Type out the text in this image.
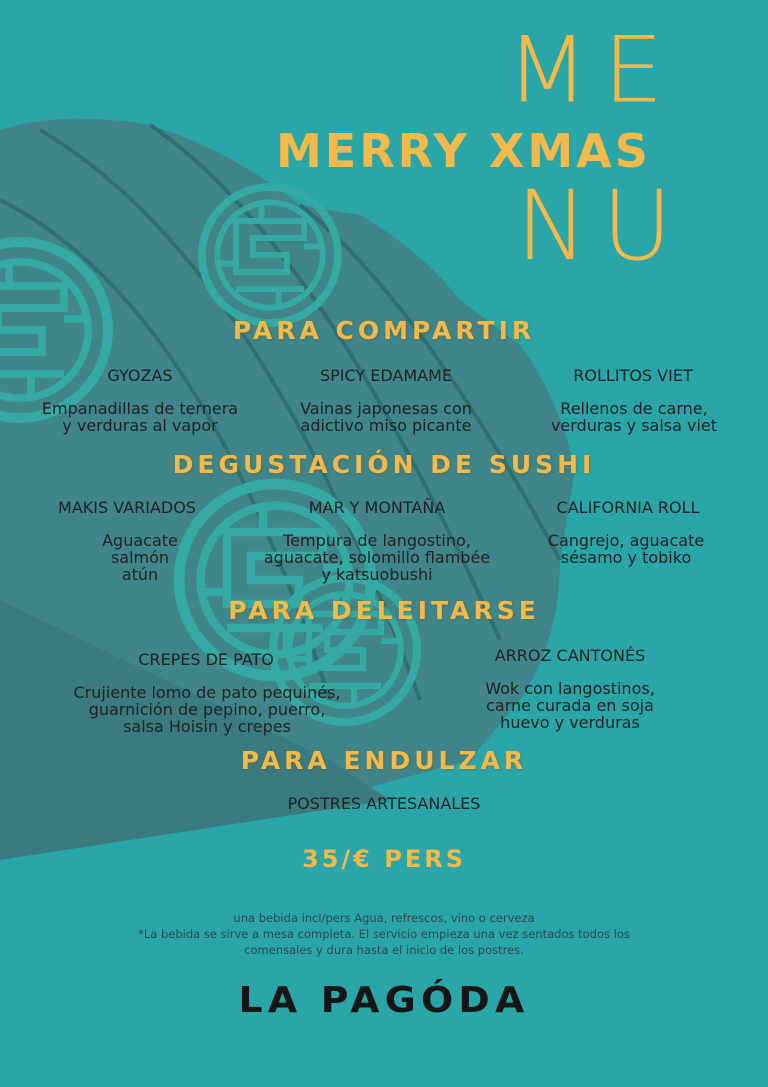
ME
MERRY XMAS
NU
PARA COMPARTIR
GYOZAS
Empanadillas de ternera
y verduras al vapor
SPICY EDAMAME
Vainas japonesas con
adictivo miso picante
ROLLITOS VIET
Rellenos de carne,
verduras y salsa viet
DEGUSTACIÓN DE SUSHI
MAKIS VARIADOS
Aguacate
salmón
atún
MAR Y MONTAÑA
Tempura de langostino,
aguacate, solomillo flambée
y katsuobushi
CALIFORNIA ROLL
Cangrejo, aguacate
sésamo y tobiko
PARA DELEITARSE
CREPES DE PATO
Crujiente lomo de pato pequinés,
guarnición de pepino, puerro,
salsa Hoisin y crepes
ARROZ CANTONÉS
Wok con langostinos,
carne curada en soja
huevo y verduras
PARA ENDULZAR
POSTRES ARTESANALES
35/€ PERS
una bebida incl/pers Agua, refrescos, vino o cerveza
*La bebida se sirve a mesa completa. El servicio empieza una vez sentados todos los
comensales y dura hasta el inicio de los postres.
LA PAGÓDA
